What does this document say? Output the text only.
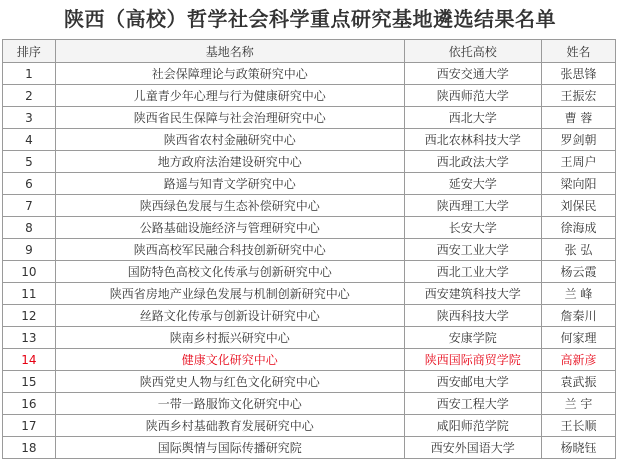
陕西（高校）哲学社会科学重点研究基地遴选结果名单
排序	基地名称	依托高校	姓名
1	社会保障理论与政策研究中心	西安交通大学	张思锋
2	儿童青少年心理与行为健康研究中心	陕西师范大学	王振宏
3	陕西省民生保障与社会治理研究中心	西北大学	曹 蓉
4	陕西省农村金融研究中心	西北农林科技大学	罗剑朝
5	地方政府法治建设研究中心	西北政法大学	王周户
6	路遥与知青文学研究中心	延安大学	梁向阳
7	陕西绿色发展与生态补偿研究中心	陕西理工大学	刘保民
8	公路基础设施经济与管理研究中心	长安大学	徐海成
9	陕西高校军民融合科技创新研究中心	西安工业大学	张 弘
10	国防特色高校文化传承与创新研究中心	西北工业大学	杨云霞
11	陕西省房地产业绿色发展与机制创新研究中心	西安建筑科技大学	兰 峰
12	丝路文化传承与创新设计研究中心	陕西科技大学	詹秦川
13	陕南乡村振兴研究中心	安康学院	何家理
14	健康文化研究中心	陕西国际商贸学院	高新彦
15	陕西党史人物与红色文化研究中心	西安邮电大学	袁武振
16	一带一路服饰文化研究中心	西安工程大学	兰 宇
17	陕西乡村基础教育发展研究中心	咸阳师范学院	王长顺
18	国际舆情与国际传播研究院	西安外国语大学	杨晓钰
